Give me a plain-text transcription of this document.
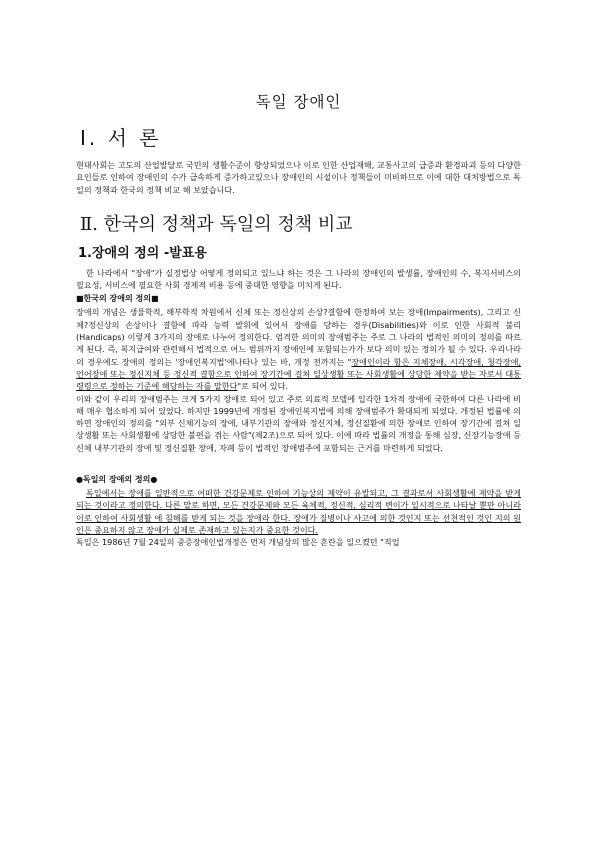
독일 장애인
Ⅰ. 서 론

현대사회는 고도의 산업발달로 국민의 생활수준이 향상되었으나 이로 인한 산업재해, 교통사고의 급증과 환경파괴 등의 다양한 요인들로 인하여 장애인의 수가 급속하게 증가하고있으나 장애인의 시설이나 정책들이 미비하므로 이에 대한 대처방법으로 독일의 정책과 한국의 정책 비교 해 보았습니다.

Ⅱ. 한국의 정책과 독일의 정책 비교
1.장애의 정의 -발표용

한 나라에서 "장애"가 실정법상 어떻게 정의되고 있느냐 하는 것은 그 나라의 장애인의 발생률, 장애인의 수, 복지서비스의 필요성, 서비스에 필요한 사회 경제적 비용 등에 중대한 영향을 미치게 된다.

■한국의 장애의 정의■

장애의 개념은 생물학적, 해부학적 차원에서 신체 또는 정신상의 손상?결함에 한정하여 보는 장애(Impairments), 그리고 신체?정신상의 손상이나 결함에 따라 능력 발휘에 있어서 장애를 당하는 경우(Disabilities)와 이로 인한 사회적 불리(Handicaps) 이렇게 3가지의 장애로 나누어 정의한다. 엄격한 의미의 장애범주는 주로 그 나라의 법적인 의미의 정의를 따르게 된다. 즉, 복지급여와 관련해서 법적으로 어느 범위까지 장애인에 포함되는가가 보다 의미 있는 정의가 될 수 있다. 우리나라의 경우에도 장애의 정의는 '장애인복지법'에나타나 있는 바, 개정 전까지는 "장애인이라 함은 지체장애, 시각장애, 청각장애, 언어장애 또는 정신지체 등 정신적 결함으로 인하여 장기간에 걸쳐 일상생활 또는 사회생활에 상당한 제약을 받는 자로서 대통령령으로 정하는 기준에 해당하는 자를 말한다"로 되어 있다.

이와 같이 우리의 장애범주는 크게 5가지 장애로 되어 있고 주로 의료적 모델에 입각한 1차적 장애에 국한하여 다른 나라에 비해 매우 협소하게 되어 있었다. 하지만 1999년에 개정된 장애인복지법에 의해 장애범주가 확대되게 되었다. 개정된 법률에 의하면 장애인의 정의를 "외부 신체기능의 장애, 내부기관의 장애와 정신지체, 정신질환에 의한 장애로 인하여 장기간에 걸쳐 일상생활 또는 사회생활에 상당한 불편을 겪는 사람"(제2조)으로 되어 있다. 이에 따라 법률의 개정을 통해 심장, 신장기능장애 등 신체 내부기관의 장애 및 정신질환 장애, 자폐 등이 법적인 장애범주에 포함되는 근거를 마련하게 되었다.

●독일의 장애의 정의●

독일에서는 장애를 일반적으로 어떠한 건강문제로 인하여 기능상의 제약이 유발되고, 그 결과로서 사회생활에 제약을 받게 되는 것이라고 정의한다. 다른 말로 하면, 모든 건강문제와 모든 육체적, 정신적, 심리적 변이가 일시적으로 나타날 뿐만 아니라 이로 인하여 사회생활 에 침해를 받게 되는 것을 장애라 한다. 장애가 질병이나 사고에 의한 것인지 또는 선천적인 것인 지의 원인은 중요하지 않고 장애가 실제로 존재하고 있는지가 중요한 것이다.

독일은 1986년 7월 24일의 중증장애인법개정은 먼저 개념상의 많은 혼란을 일으켰던 "직업
